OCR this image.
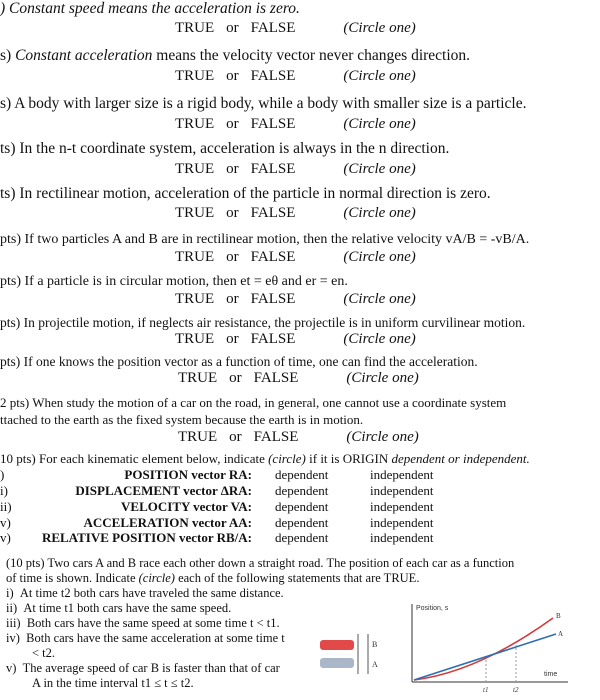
) Constant speed means the acceleration is zero.
TRUE or FALSE	(Circle one)
s) Constant acceleration means the velocity vector never changes direction.
TRUE or FALSE	(Circle one)
s) A body with larger size is a rigid body, while a body with smaller size is a particle.
TRUE or FALSE	(Circle one)
ts) In the n-t coordinate system, acceleration is always in the n direction.
TRUE or FALSE	(Circle one)
ts) In rectilinear motion, acceleration of the particle in normal direction is zero.
TRUE or FALSE	(Circle one)
pts) If two particles A and B are in rectilinear motion, then the relative velocity vA/B = -vB/A.
TRUE or FALSE	(Circle one)
pts) If a particle is in circular motion, then et = eθ and er = en.
TRUE or FALSE	(Circle one)
pts) In projectile motion, if neglects air resistance, the projectile is in uniform curvilinear motion.
TRUE or FALSE	(Circle one)
pts) If one knows the position vector as a function of time, one can find the acceleration.
TRUE or FALSE	(Circle one)
2 pts) When study the motion of a car on the road, in general, one cannot use a coordinate system
ttached to the earth as the fixed system because the earth is in motion.
TRUE or FALSE	(Circle one)
10 pts) For each kinematic element below, indicate (circle) if it is ORIGIN dependent or independent.
)	POSITION vector RA: dependent	independent
i)	DISPLACEMENT vector ΔRA: dependent	independent
ii)	VELOCITY vector VA: dependent	independent
v)	ACCELERATION vector AA: dependent	independent
v) RELATIVE POSITION vector RB/A: dependent	independent
(10 pts) Two cars A and B race each other down a straight road. The position of each car as a function
of time is shown. Indicate (circle) each of the following statements that are TRUE.
i) At time t2 both cars have traveled the same distance.
ii) At time t1 both cars have the same speed.
iii) Both cars have the same speed at some time t < t1.
iv) Both cars have the same acceleration at some time t
< t2.
v) The average speed of car B is faster than that of car
A in the time interval t1 ≤ t ≤ t2.
B
A
Position, s
time
B
A
t1	t2
